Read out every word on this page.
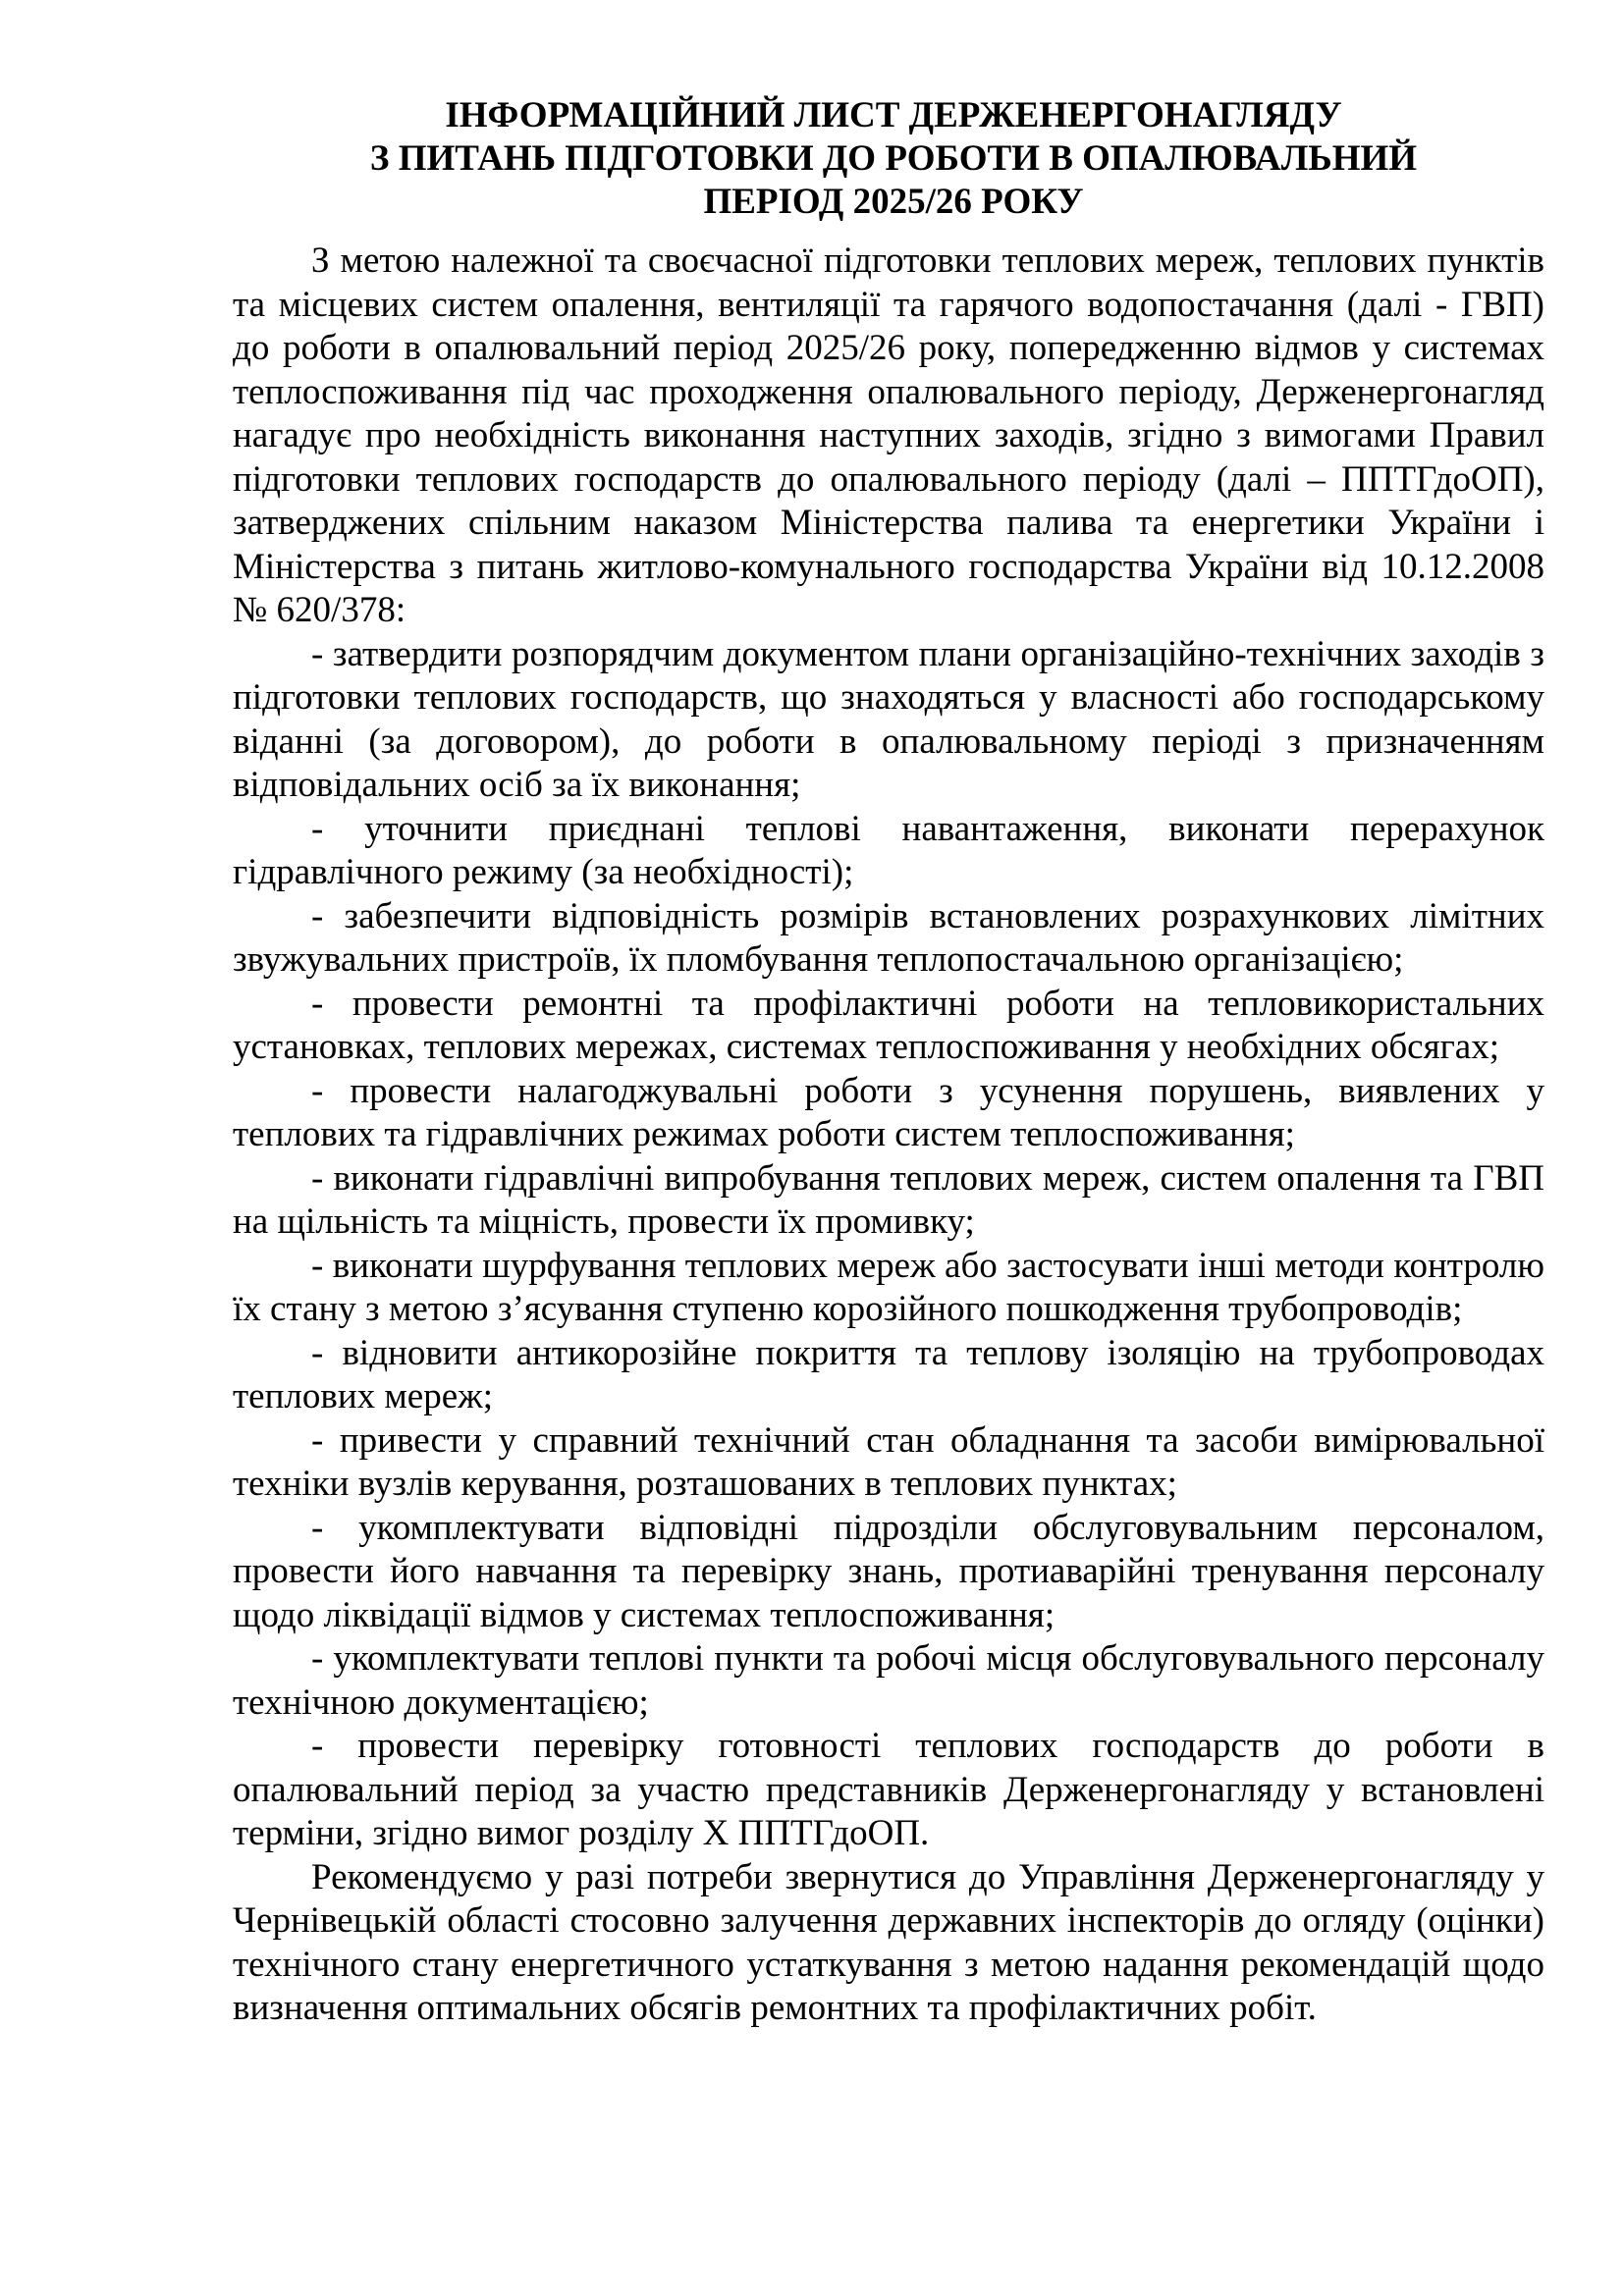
ІНФОРМАЦІЙНИЙ ЛИСТ ДЕРЖЕНЕРГОНАГЛЯДУ
З ПИТАНЬ ПІДГОТОВКИ ДО РОБОТИ В ОПАЛЮВАЛЬНИЙ
ПЕРІОД 2025/26 РОКУ

З метою належної та своєчасної підготовки теплових мереж, теплових пунктів та місцевих систем опалення, вентиляції та гарячого водопостачання (далі - ГВП) до роботи в опалювальний період 2025/26 року, попередженню відмов у системах теплоспоживання під час проходження опалювального періоду, Держенергонагляд нагадує про необхідність виконання наступних заходів, згідно з вимогами Правил підготовки теплових господарств до опалювального періоду (далі – ППТГдоОП), затверджених спільним наказом Міністерства палива та енергетики України і Міністерства з питань житлово-комунального господарства України від 10.12.2008 № 620/378:

- затвердити розпорядчим документом плани організаційно-технічних заходів з підготовки теплових господарств, що знаходяться у власності або господарському віданні (за договором), до роботи в опалювальному періоді з призначенням відповідальних осіб за їх виконання;

- уточнити приєднані теплові навантаження, виконати перерахунок гідравлічного режиму (за необхідності);

- забезпечити відповідність розмірів встановлених розрахункових лімітних звужувальних пристроїв, їх пломбування теплопостачальною організацією;

- провести ремонтні та профілактичні роботи на тепловикористальних установках, теплових мережах, системах теплоспоживання у необхідних обсягах;

- провести налагоджувальні роботи з усунення порушень, виявлених у теплових та гідравлічних режимах роботи систем теплоспоживання;

- виконати гідравлічні випробування теплових мереж, систем опалення та ГВП на щільність та міцність, провести їх промивку;

- виконати шурфування теплових мереж або застосувати інші методи контролю їх стану з метою з’ясування ступеню корозійного пошкодження трубопроводів;

- відновити антикорозійне покриття та теплову ізоляцію на трубопроводах теплових мереж;

- привести у справний технічний стан обладнання та засоби вимірювальної техніки вузлів керування, розташованих в теплових пунктах;

- укомплектувати відповідні підрозділи обслуговувальним персоналом, провести його навчання та перевірку знань, протиаварійні тренування персоналу щодо ліквідації відмов у системах теплоспоживання;

- укомплектувати теплові пункти та робочі місця обслуговувального персоналу технічною документацією;

- провести перевірку готовності теплових господарств до роботи в опалювальний період за участю представників Держенергонагляду у встановлені терміни, згідно вимог розділу X ППТГдоОП.

Рекомендуємо у разі потреби звернутися до Управління Держенергонагляду у Чернівецькій області стосовно залучення державних інспекторів до огляду (оцінки) технічного стану енергетичного устаткування з метою надання рекомендацій щодо визначення оптимальних обсягів ремонтних та профілактичних робіт.
